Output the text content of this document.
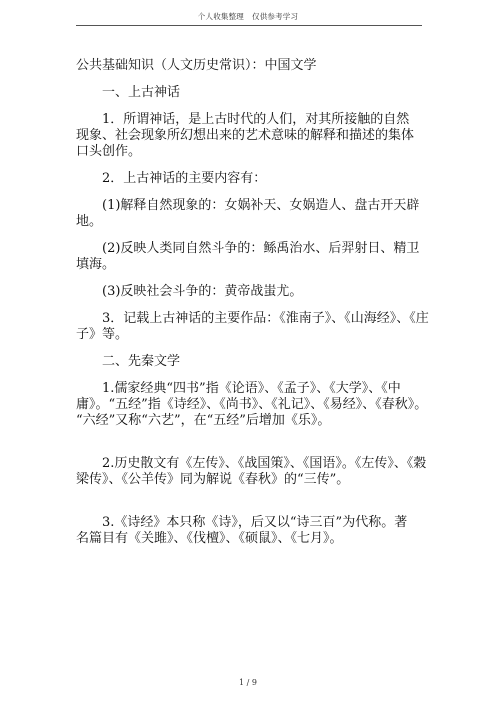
个人收集整理 仅供参考学习
公共基础知识（人文历史常识）：中国文学
一、上古神话
1．所谓神话，是上古时代的人们，对其所接触的自然
现象、社会现象所幻想出来的艺术意味的解释和描述的集体
口头创作。
2．上古神话的主要内容有：
(1)解释自然现象的：女娲补天、女娲造人、盘古开天辟
地。
(2)反映人类同自然斗争的：鲧禹治水、后羿射日、精卫
填海。
(3)反映社会斗争的：黄帝战蚩尤。
3．记载上古神话的主要作品：《淮南子》、《山海经》、《庄
子》等。
二、先秦文学
1.儒家经典“四书”指《论语》、《孟子》、《大学》、《中
庸》。“五经”指《诗经》、《尚书》、《礼记》、《易经》、《春秋》。
“六经”又称“六艺”，在“五经”后增加《乐》。

2.历史散文有《左传》、《战国策》、《国语》。《左传》、《穀
梁传》、《公羊传》同为解说《春秋》的“三传”。

3.《诗经》本只称《诗》，后又以“诗三百”为代称。著
名篇目有《关雎》、《伐檀》、《硕鼠》、《七月》。
1 / 9
